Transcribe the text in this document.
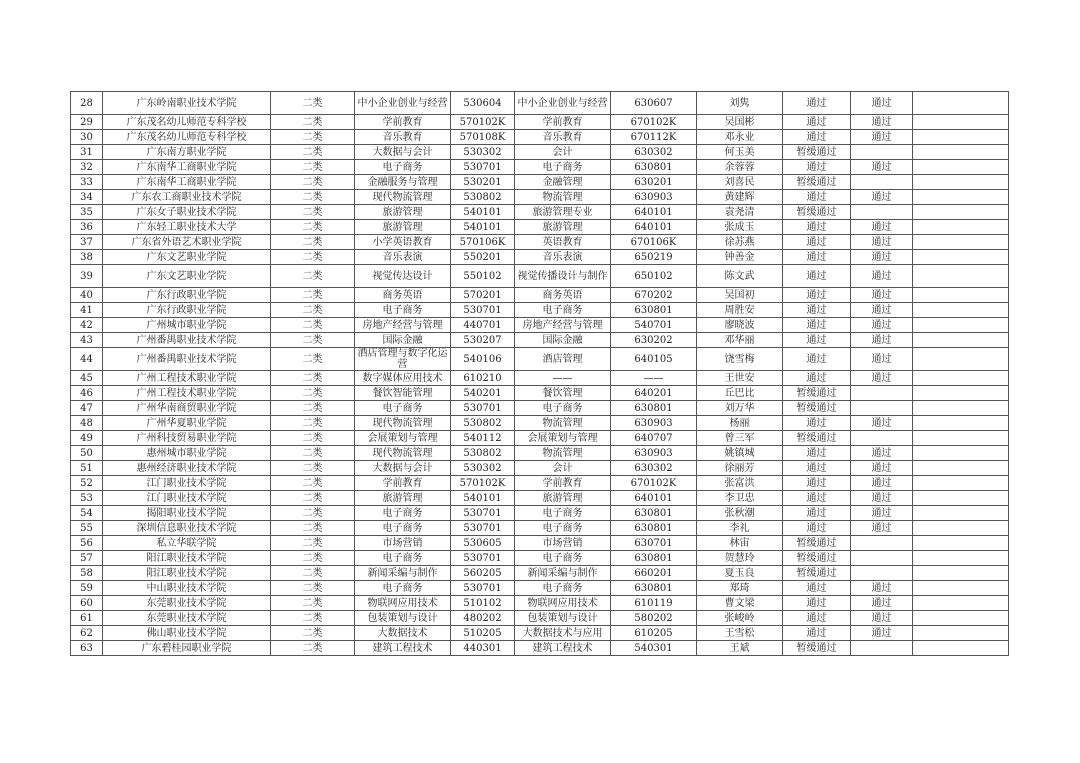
28	广东岭南职业技术学院	二类	中小企业创业与经营	530604	中小企业创业与经营	630607	刘隽	通过	通过	
29	广东茂名幼儿师范专科学校	二类	学前教育	570102K	学前教育	670102K	吴国彬	通过	通过	
30	广东茂名幼儿师范专科学校	二类	音乐教育	570108K	音乐教育	670112K	邓永业	通过	通过	
31	广东南方职业学院	二类	大数据与会计	530302	会计	630302	何玉美	暂缓通过		
32	广东南华工商职业学院	二类	电子商务	530701	电子商务	630801	余蓉蓉	通过	通过	
33	广东南华工商职业学院	二类	金融服务与管理	530201	金融管理	630201	刘喜民	暂缓通过		
34	广东农工商职业技术学院	二类	现代物流管理	530802	物流管理	630903	黄建辉	通过	通过	
35	广东女子职业技术学院	二类	旅游管理	540101	旅游管理专业	640101	袁尧清	暂缓通过		
36	广东轻工职业技术大学	二类	旅游管理	540101	旅游管理	640101	张成玉	通过	通过	
37	广东省外语艺术职业学院	二类	小学英语教育	570106K	英语教育	670106K	徐苏燕	通过	通过	
38	广东文艺职业学院	二类	音乐表演	550201	音乐表演	650219	钟善金	通过	通过	
39	广东文艺职业学院	二类	视觉传达设计	550102	视觉传播设计与制作	650102	陈文武	通过	通过	
40	广东行政职业学院	二类	商务英语	570201	商务英语	670202	吴国初	通过	通过	
41	广东行政职业学院	二类	电子商务	530701	电子商务	630801	周胜安	通过	通过	
42	广州城市职业学院	二类	房地产经营与管理	440701	房地产经营与管理	540701	廖晓波	通过	通过	
43	广州番禺职业技术学院	二类	国际金融	530207	国际金融	630202	邓华丽	通过	通过	
44	广州番禺职业技术学院	二类	酒店管理与数字化运营	540106	酒店管理	640105	饶雪梅	通过	通过	
45	广州工程技术职业学院	二类	数字媒体应用技术	610210	——	——	王世安	通过	通过	
46	广州工程技术职业学院	二类	餐饮智能管理	540201	餐饮管理	640201	丘巴比	暂缓通过		
47	广州华南商贸职业学院	二类	电子商务	530701	电子商务	630801	刘万华	暂缓通过		
48	广州华夏职业学院	二类	现代物流管理	530802	物流管理	630903	杨丽	通过	通过	
49	广州科技贸易职业学院	二类	会展策划与管理	540112	会展策划与管理	640707	曾三军	暂缓通过		
50	惠州城市职业学院	二类	现代物流管理	530802	物流管理	630903	姚镇城	通过	通过	
51	惠州经济职业技术学院	二类	大数据与会计	530302	会计	630302	徐丽芳	通过	通过	
52	江门职业技术学院	二类	学前教育	570102K	学前教育	670102K	张富洪	通过	通过	
53	江门职业技术学院	二类	旅游管理	540101	旅游管理	640101	李卫忠	通过	通过	
54	揭阳职业技术学院	二类	电子商务	530701	电子商务	630801	张秋潮	通过	通过	
55	深圳信息职业技术学院	二类	电子商务	530701	电子商务	630801	李礼	通过	通过	
56	私立华联学院	二类	市场营销	530605	市场营销	630701	林宙	暂缓通过		
57	阳江职业技术学院	二类	电子商务	530701	电子商务	630801	贺慧玲	暂缓通过		
58	阳江职业技术学院	二类	新闻采编与制作	560205	新闻采编与制作	660201	夏玉良	暂缓通过		
59	中山职业技术学院	二类	电子商务	530701	电子商务	630801	郑琦	通过	通过	
60	东莞职业技术学院	二类	物联网应用技术	510102	物联网应用技术	610119	曹文梁	通过	通过	
61	东莞职业技术学院	二类	包装策划与设计	480202	包装策划与设计	580202	张峻岭	通过	通过	
62	佛山职业技术学院	二类	大数据技术	510205	大数据技术与应用	610205	王雪松	通过	通过	
63	广东碧桂园职业学院	二类	建筑工程技术	440301	建筑工程技术	540301	王斌	暂缓通过		
